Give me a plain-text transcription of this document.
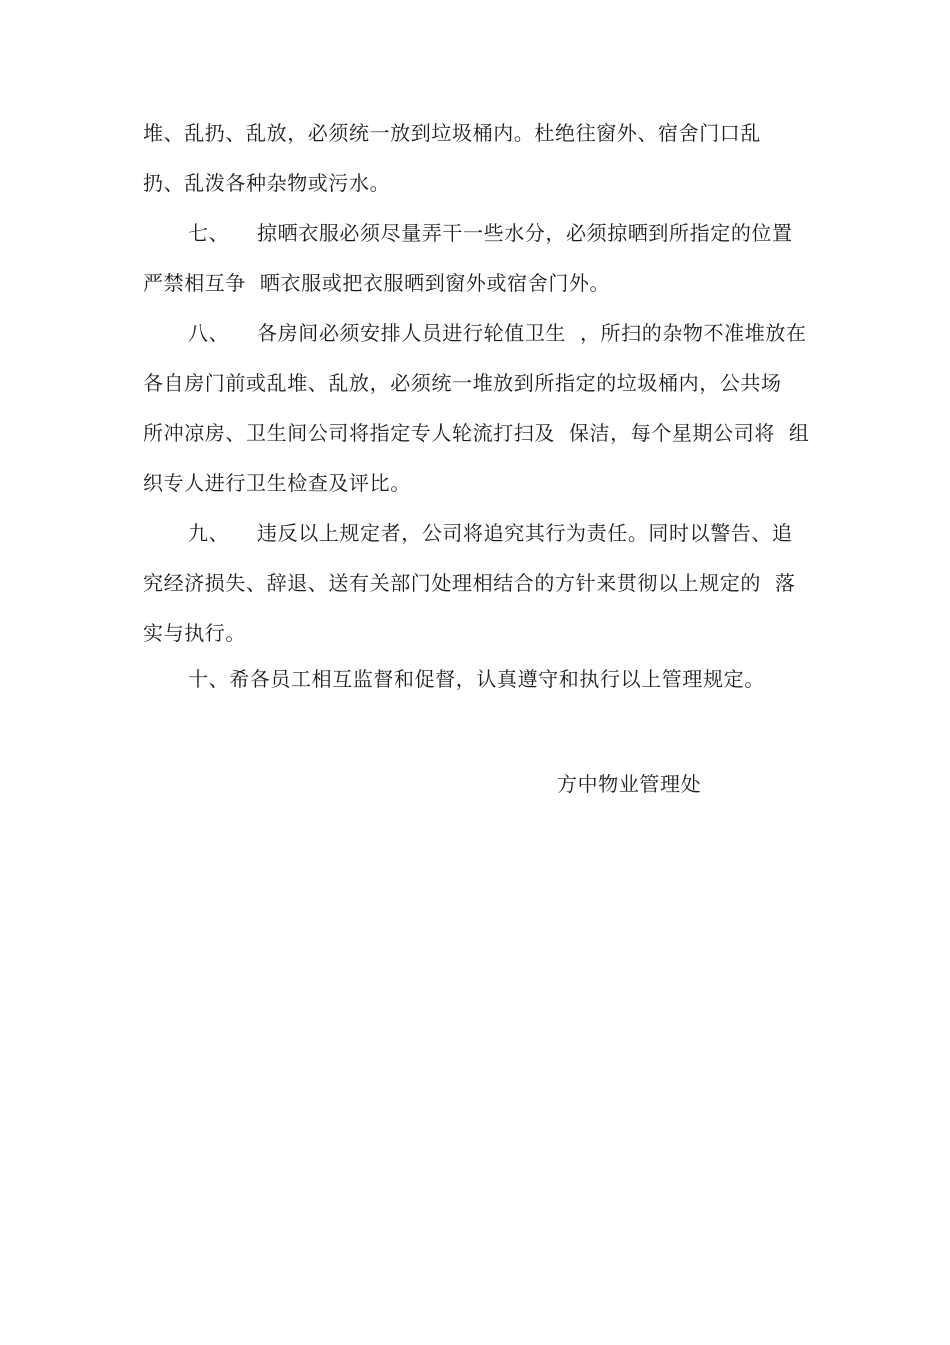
堆、乱扔、乱放，必须统一放到垃圾桶内。杜绝往窗外、宿舍门口乱
扔、乱泼各种杂物或污水。
七、    掠晒衣服必须尽量弄干一些水分，必须掠晒到所指定的位置
严禁相互争  晒衣服或把衣服晒到窗外或宿舍门外。
八、    各房间必须安排人员进行轮值卫生  ，所扫的杂物不准堆放在
各自房门前或乱堆、乱放，必须统一堆放到所指定的垃圾桶内，公共场
所冲凉房、卫生间公司将指定专人轮流打扫及  保洁，每个星期公司将  组
织专人进行卫生检查及评比。
九、    违反以上规定者，公司将追究其行为责任。同时以警告、追
究经济损失、辞退、送有关部门处理相结合的方针来贯彻以上规定的  落
实与执行。
十、希各员工相互监督和促督，认真遵守和执行以上管理规定。
方中物业管理处
